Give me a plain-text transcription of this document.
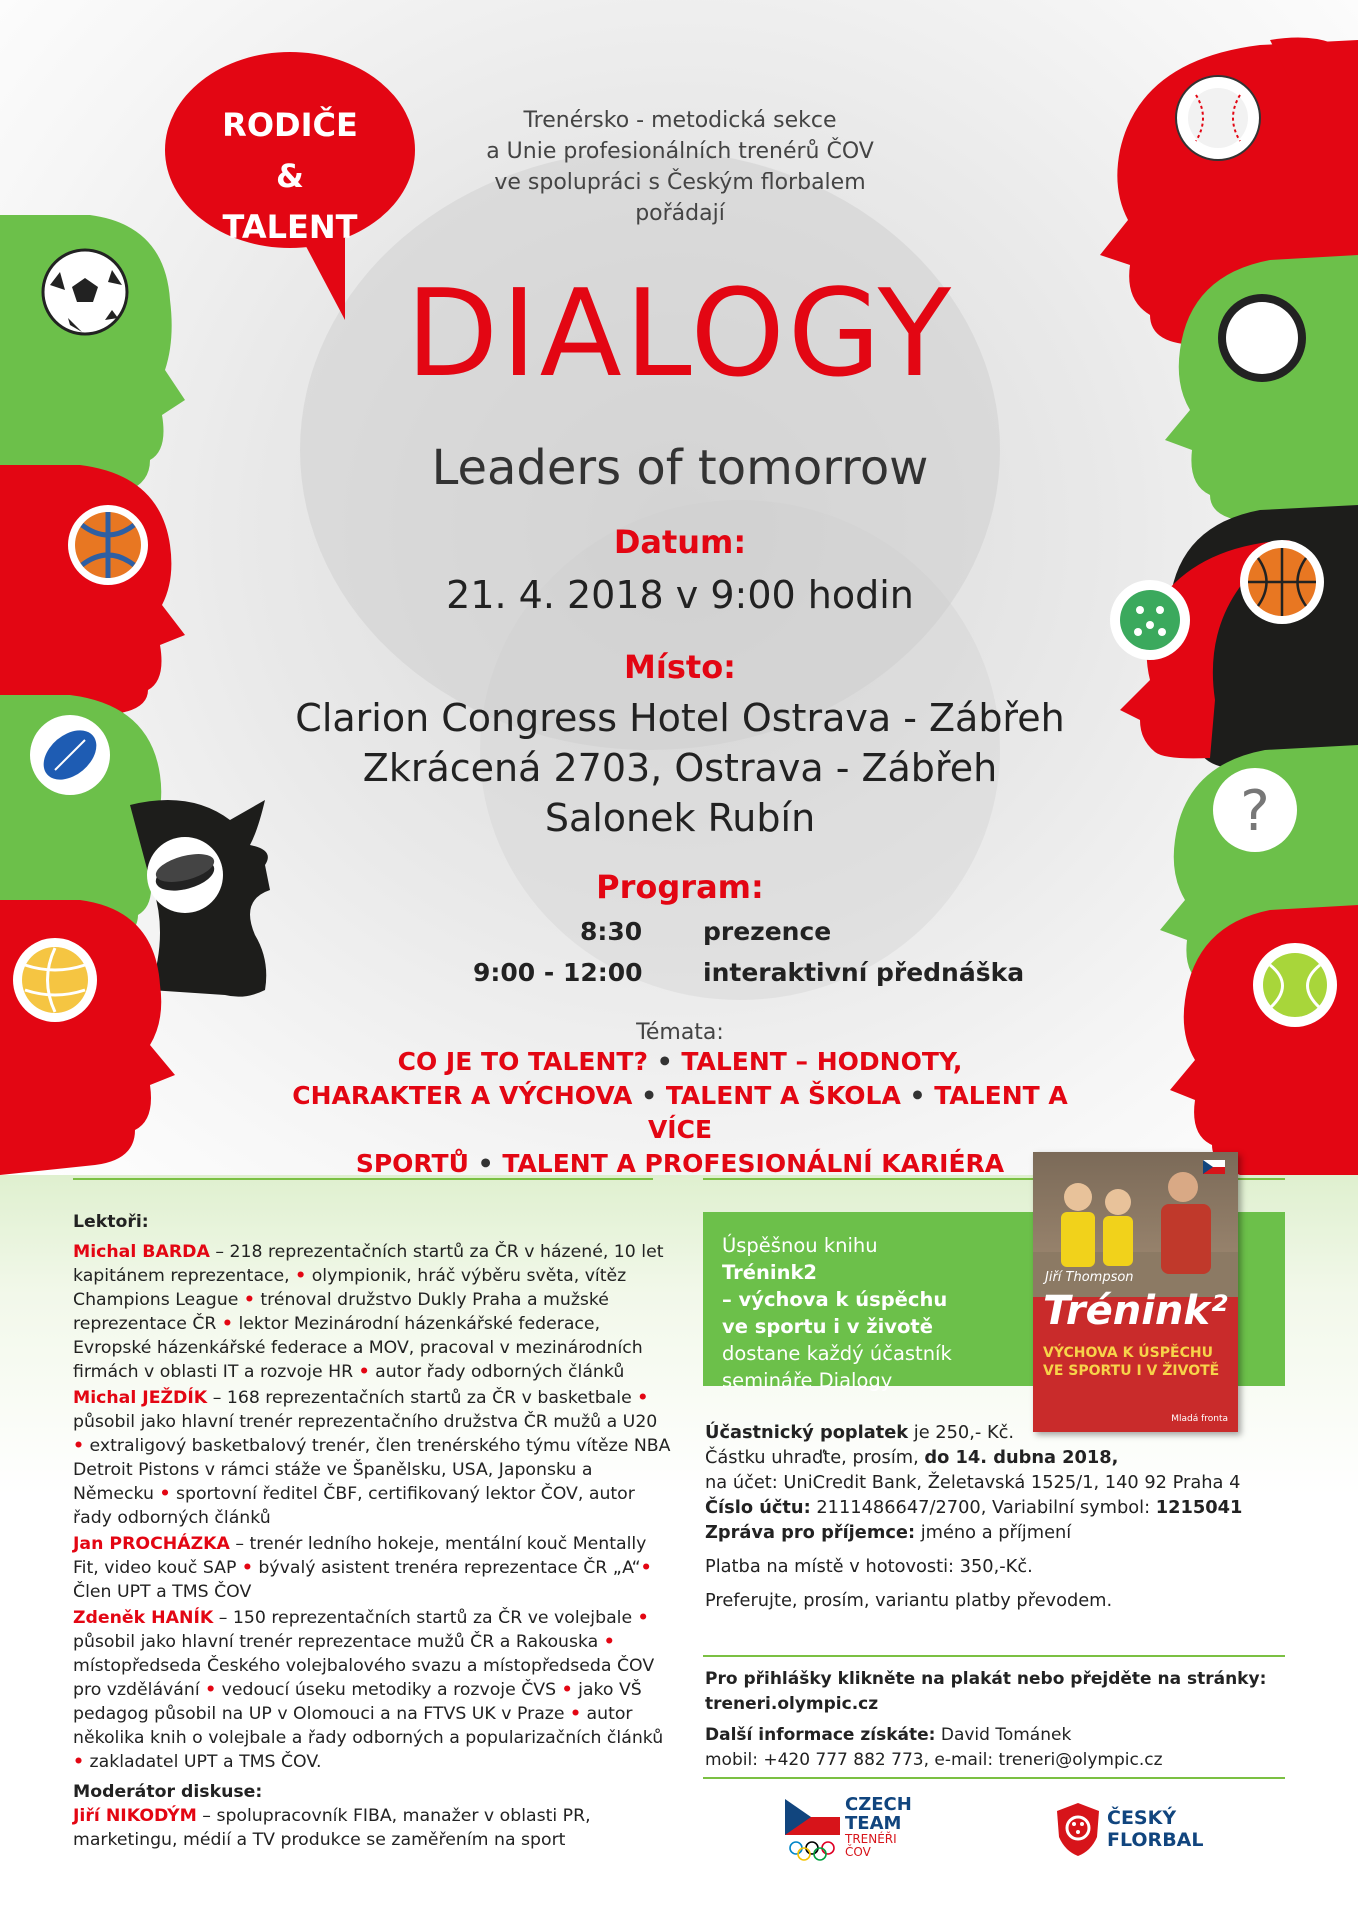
?
RODIČE
&
TALENT
Trenérsko - metodická sekce
a Unie profesionálních trenérů ČOV
ve spolupráci s Českým florbalem
pořádají
DIALOGY
Leaders of tomorrow
Datum:
21. 4. 2018 v 9:00 hodin
Místo:
Clarion Congress Hotel Ostrava - Zábřeh
Zkrácená 2703, Ostrava - Zábřeh
Salonek Rubín
Program:
8:30 prezence
9:00 - 12:00 interaktivní přednáška
Témata:
CO JE TO TALENT? • TALENT – HODNOTY,
CHARAKTER A VÝCHOVA • TALENT A ŠKOLA • TALENT A VÍCE
SPORTŮ • TALENT A PROFESIONÁLNÍ KARIÉRA

Lektoři:

Michal BARDA – 218 reprezentačních startů za ČR v házené, 10 let kapitánem reprezentace, • olympionik, hráč výběru světa, vítěz Champions League • trénoval družstvo Dukly Praha a mužské reprezentace ČR • lektor Mezinárodní házenkářské federace, Evropské házenkářské federace a MOV, pracoval v mezinárodních firmách v oblasti IT a rozvoje HR • autor řady odborných článků

Michal JEŽDÍK – 168 reprezentačních startů za ČR v basketbale • působil jako hlavní trenér reprezentačního družstva ČR mužů a U20 • extraligový basketbalový trenér, člen trenérského týmu vítěze NBA Detroit Pistons v rámci stáže ve Španělsku, USA, Japonsku a Německu • sportovní ředitel ČBF, certifikovaný lektor ČOV, autor řady odborných článků

Jan PROCHÁZKA – trenér ledního hokeje, mentální kouč Mentally Fit, video kouč SAP • bývalý asistent trenéra reprezentace ČR „A“• Člen UPT a TMS ČOV

Zdeněk HANÍK – 150 reprezentačních startů za ČR ve volejbale • působil jako hlavní trenér reprezentace mužů ČR a Rakouska • místopředseda Českého volejbalového svazu a místopředseda ČOV pro vzdělávání • vedoucí úseku metodiky a rozvoje ČVS • jako VŠ pedagog působil na UP v Olomouci a na FTVS UK v Praze • autor několika knih o volejbale a řady odborných a popularizačních článků • zakladatel UPT a TMS ČOV.

Moderátor diskuse:

Jiří NIKODÝM – spolupracovník FIBA, manažer v oblasti PR, marketingu, médií a TV produkce se zaměřením na sport

Úspěšnou knihu
Trénink2
– výchova k úspěchu
ve sportu i v životě
dostane každý účastník
semináře Dialogy
Jiří Thompson
Trénink²
VÝCHOVA K ÚSPĚCHU VE SPORTU I V ŽIVOTĚ
Mladá fronta
Účastnický poplatek je 250,- Kč.
Částku uhraďte, prosím, do 14. dubna 2018,
na účet: UniCredit Bank, Želetavská 1525/1, 140 92 Praha 4
Číslo účtu: 2111486647/2700, Variabilní symbol: 1215041
Zpráva pro příjemce: jméno a příjmení
Platba na místě v hotovosti: 350,-Kč.
Preferujte, prosím, variantu platby převodem.
Pro přihlášky klikněte na plakát nebo přejděte na stránky:
treneri.olympic.cz
Další informace získáte: David Tománek
mobil: +420 777 882 773, e-mail: treneri@olympic.cz
CZECH
TEAM
TRENÉŘI
ČOV
ČESKÝ
FLORBAL
